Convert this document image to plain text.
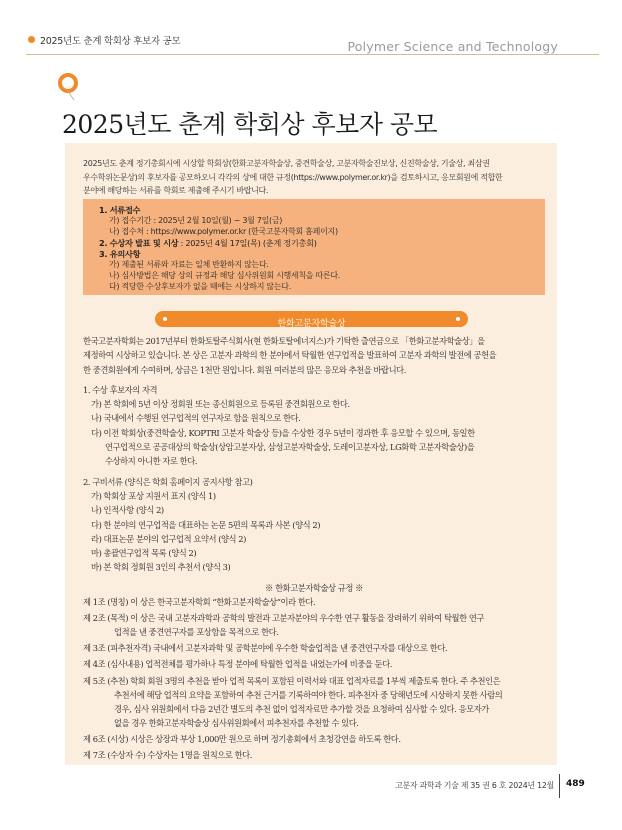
2025년도 춘계 학회상 후보자 공모	Polymer Science and Technology
2025년도 춘계 학회상 후보자 공모
2025년도 춘계 정기총회시에 시상할 학회상(한화고분자학술상, 중견학술상, 고분자학술진보상, 신진학술상, 기술상, 최삼권
우수학위논문상)의 후보자를 공모하오니 각각의 상에 대한 규정(https://www.polymer.or.kr)을 검토하시고, 응모회원에 적합한
분야에 해당하는 서류를 학회로 제출해 주시기 바랍니다.
1. 서류접수
가) 접수기간 : 2025년 2월 10일(월) ~ 3월 7일(금)
나) 접수처 : https://www.polymer.or.kr (한국고분자학회 홈페이지)
2. 수상자 발표 및 시상 : 2025년 4월 17일(목) (춘계 정기총회)
3. 유의사항
가) 제출된 서류와 자료는 일체 반환하지 않는다.
나) 심사방법은 해당 상의 규정과 해당 심사위원회 시행세칙을 따른다.
다) 적당한 수상후보자가 없을 때에는 시상하지 않는다.
한화고분자학술상
한국고분자학회는 2017년부터 한화토탈주식회사(현 한화토탈에너지스)가 기탁한 출연금으로 「한화고분자학술상」을
제정하여 시상하고 있습니다. 본 상은 고분자 과학의 한 분야에서 탁월한 연구업적을 발표하여 고분자 과학의 발전에 공헌을
한 중견회원에게 수여하며, 상금은 1천만 원입니다. 회원 여러분의 많은 응모와 추천을 바랍니다.
1. 수상 후보자의 자격
가) 본 학회에 5년 이상 정회원 또는 종신회원으로 등록된 중견회원으로 한다.
나) 국내에서 수행된 연구업적의 연구자로 함을 원칙으로 한다.
다) 이전 학회상(중견학술상, KOPTRI 고분자 학술상 등)을 수상한 경우 5년이 경과한 후 응모할 수 있으며, 동일한
연구업적으로 공공대상의 학술상(상암고분자상, 삼성고분자학술상, 도레이고분자상, LG화학 고분자학술상)을
수상하지 아니한 자로 한다.
2. 구비서류 (양식은 학회 홈페이지 공지사항 참고)
가) 학회상 포상 지원서 표지 (양식 1)
나) 인적사항 (양식 2)
다) 한 분야의 연구업적을 대표하는 논문 5편의 목록과 사본 (양식 2)
라) 대표논문 분야의 업구업적 요약서 (양식 2)
마) 총괄연구업적 목록 (양식 2)
바) 본 학회 정회원 3인의 추천서 (양식 3)
※ 한화고분자학술상 규정 ※
제 1조 (명칭) 이 상은 한국고분자학회 “한화고분자학술상”이라 한다.
제 2조 (목적) 이 상은 국내 고분자과학과 공학의 발전과 고분자분야의 우수한 연구 활동을 장려하기 위하여 탁월한 연구
업적을 낸 중견연구자를 포상함을 목적으로 한다.
제 3조 (피추천자격) 국내에서 고분자과학 및 공학분야에 우수한 학술업적을 낸 중견연구자를 대상으로 한다.
제 4조 (심사내용) 업적전체를 평가하나 특정 분야에 탁월한 업적을 내었는가에 비중을 둔다.
제 5조 (추천) 학회 회원 3명의 추천을 받아 업적 목록이 포함된 이력서와 대표 업적자료를 1부씩 제출토록 한다. 주 추천인은
추천서에 해당 업적의 요약을 포함하여 추천 근거를 기록하여야 한다. 피추천자 중 당해년도에 시상하지 못한 사람의
경우, 심사 위원회에서 다음 2년간 별도의 추천 없이 업적자료만 추가할 것을 요청하여 심사할 수 있다. 응모자가
없을 경우 한화고분자학술상 심사위원회에서 피추천자를 추천할 수 있다.
제 6조 (시상) 시상은 상장과 부상 1,000만 원으로 하며 정기총회에서 초청강연을 하도록 한다.
제 7조 (수상자 수) 수상자는 1명을 원칙으로 한다.
고분자 과학과 기술 제 35 권 6 호 2024년 12월 489
